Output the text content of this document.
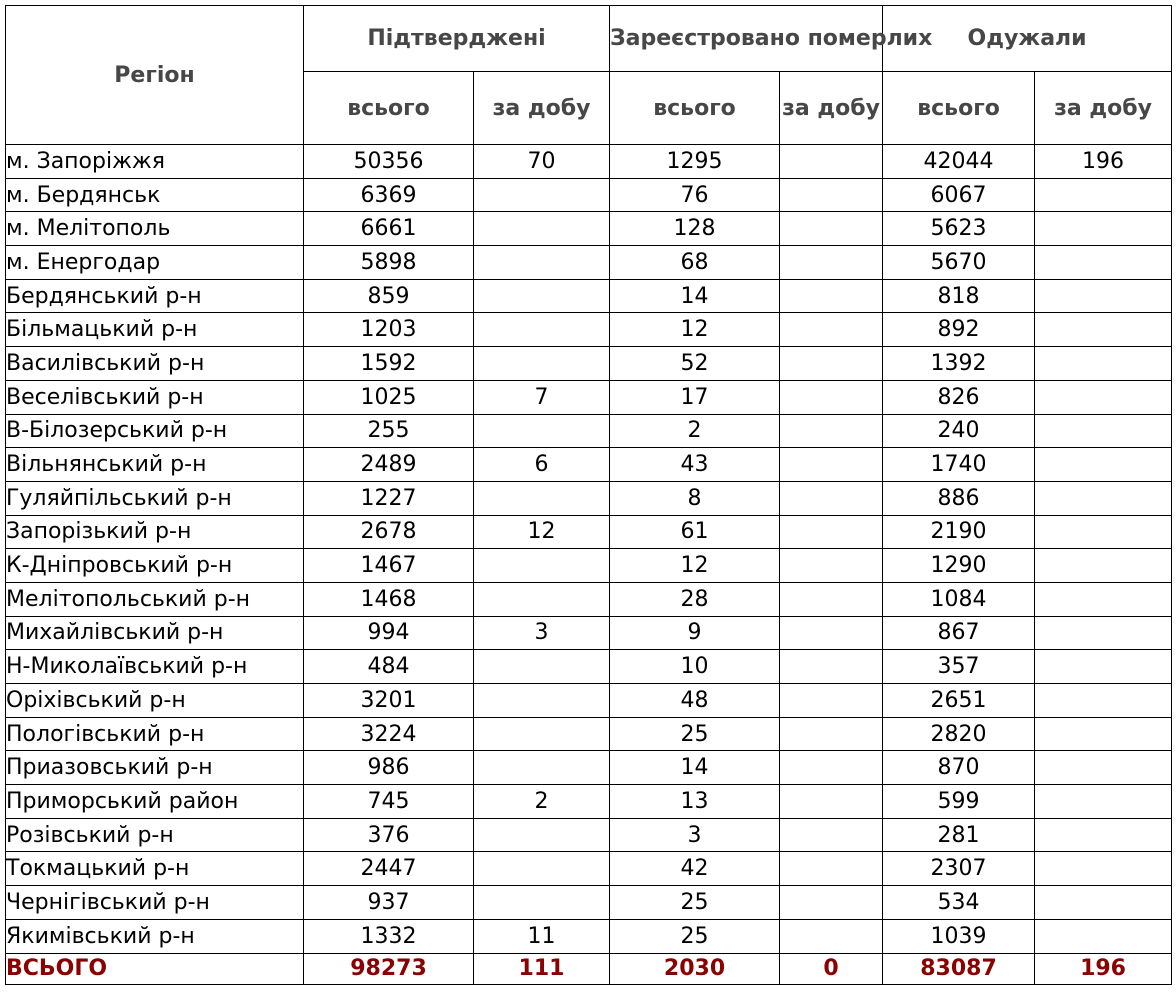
Регіон	Підтверджені		Зареєстровано померлих		Одужали	
	всього	за добу	всього	за добу	всього	за добу
м. Запоріжжя	50356	70	1295		42044	196
м. Бердянськ	6369		76		6067	
м. Мелітополь	6661		128		5623	
м. Енергодар	5898		68		5670	
Бердянський р-н	859		14		818	
Більмацький р-н	1203		12		892	
Василівський р-н	1592		52		1392	
Веселівський р-н	1025	7	17		826	
В-Білозерський р-н	255		2		240	
Вільнянський р-н	2489	6	43		1740	
Гуляйпільський р-н	1227		8		886	
Запорізький р-н	2678	12	61		2190	
К-Дніпровський р-н	1467		12		1290	
Мелітопольський р-н	1468		28		1084	
Михайлівський р-н	994	3	9		867	
Н-Миколаївський р-н	484		10		357	
Оріхівський р-н	3201		48		2651	
Пологівський р-н	3224		25		2820	
Приазовський р-н	986		14		870	
Приморський район	745	2	13		599	
Розівський р-н	376		3		281	
Токмацький р-н	2447		42		2307	
Чернігівський р-н	937		25		534	
Якимівський р-н	1332	11	25		1039	
ВСЬОГО	98273	111	2030	0	83087	196
